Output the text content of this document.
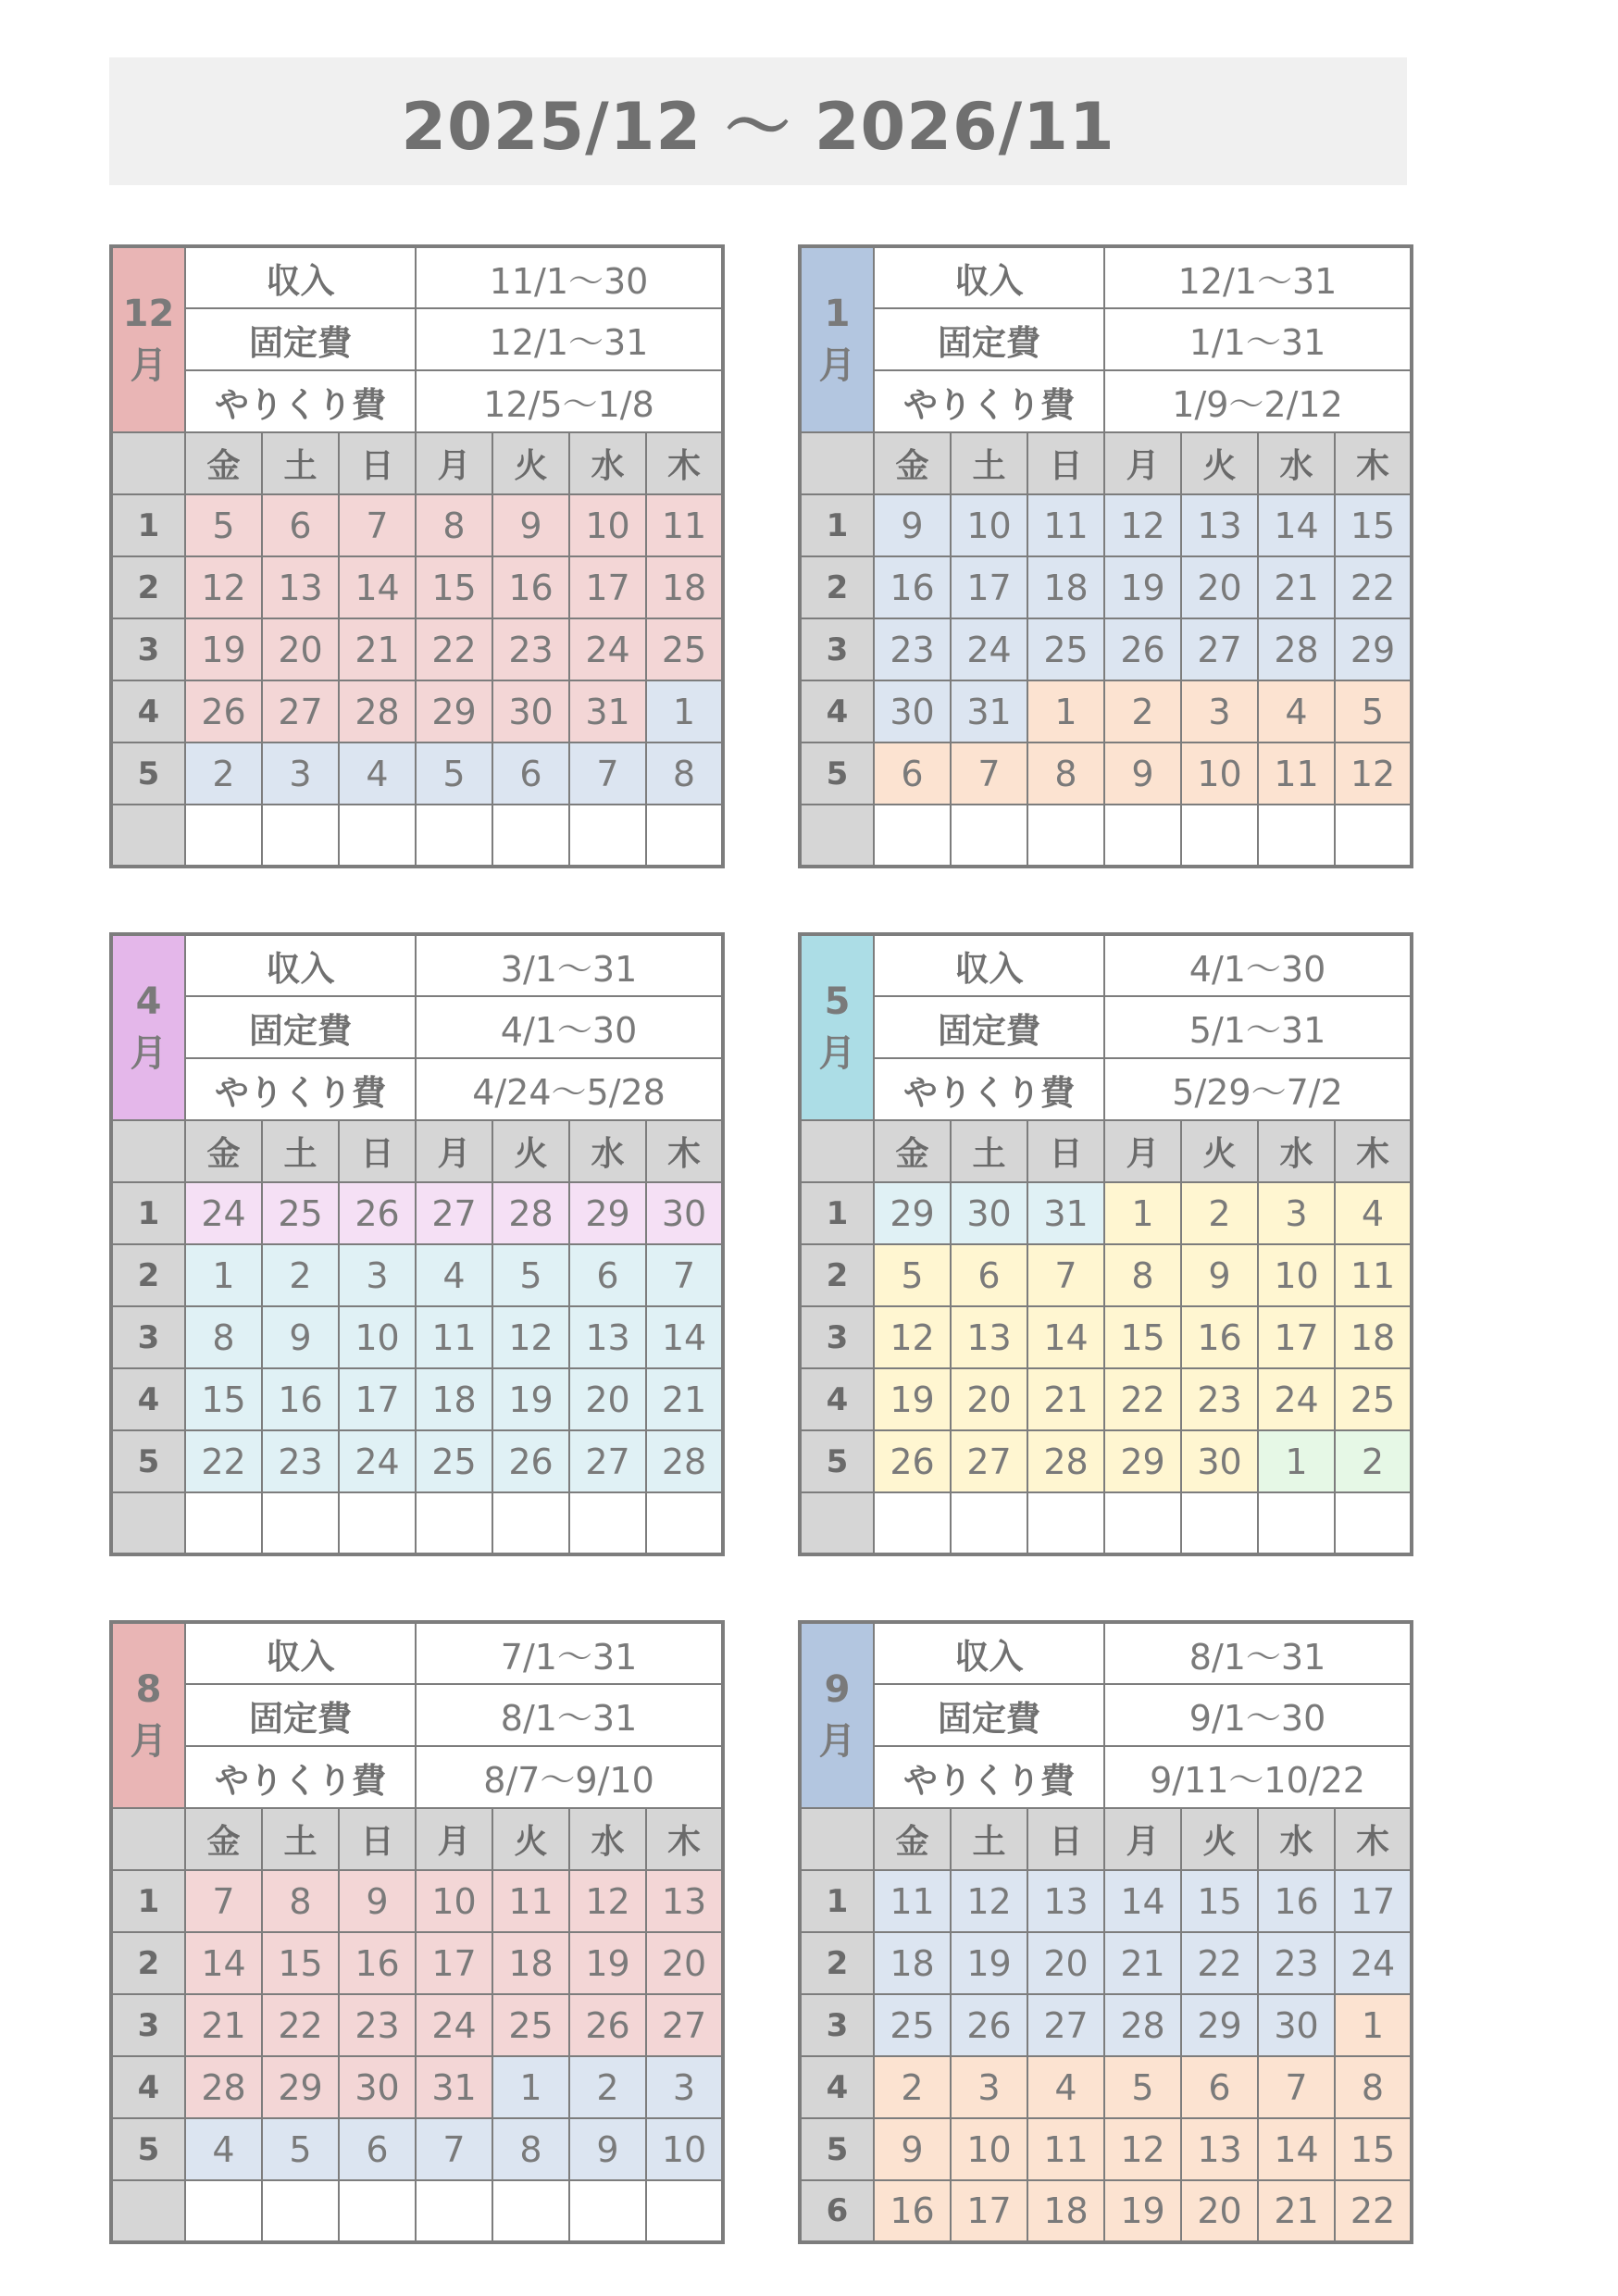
2025/12 〜 2026/11
12
月	収入			11/1〜30			
	固定費			12/1〜31			
	やりくり費			12/5〜1/8			
	金	土	日	月	火	水	木
1	5	6	7	8	9	10	11
2	12	13	14	15	16	17	18
3	19	20	21	22	23	24	25
4	26	27	28	29	30	31	1
5	2	3	4	5	6	7	8

1
月	収入			12/1〜31			
	固定費			1/1〜31			
	やりくり費			1/9〜2/12			
	金	土	日	月	火	水	木
1	9	10	11	12	13	14	15
2	16	17	18	19	20	21	22
3	23	24	25	26	27	28	29
4	30	31	1	2	3	4	5
5	6	7	8	9	10	11	12

4
月	収入			3/1〜31			
	固定費			4/1〜30			
	やりくり費			4/24〜5/28			
	金	土	日	月	火	水	木
1	24	25	26	27	28	29	30
2	1	2	3	4	5	6	7
3	8	9	10	11	12	13	14
4	15	16	17	18	19	20	21
5	22	23	24	25	26	27	28

5
月	収入			4/1〜30			
	固定費			5/1〜31			
	やりくり費			5/29〜7/2			
	金	土	日	月	火	水	木
1	29	30	31	1	2	3	4
2	5	6	7	8	9	10	11
3	12	13	14	15	16	17	18
4	19	20	21	22	23	24	25
5	26	27	28	29	30	1	2

8
月	収入			7/1〜31			
	固定費			8/1〜31			
	やりくり費			8/7〜9/10			
	金	土	日	月	火	水	木
1	7	8	9	10	11	12	13
2	14	15	16	17	18	19	20
3	21	22	23	24	25	26	27
4	28	29	30	31	1	2	3
5	4	5	6	7	8	9	10

9
月	収入			8/1〜31			
	固定費			9/1〜30			
	やりくり費			9/11〜10/22			
	金	土	日	月	火	水	木
1	11	12	13	14	15	16	17
2	18	19	20	21	22	23	24
3	25	26	27	28	29	30	1
4	2	3	4	5	6	7	8
5	9	10	11	12	13	14	15
6	16	17	18	19	20	21	22
